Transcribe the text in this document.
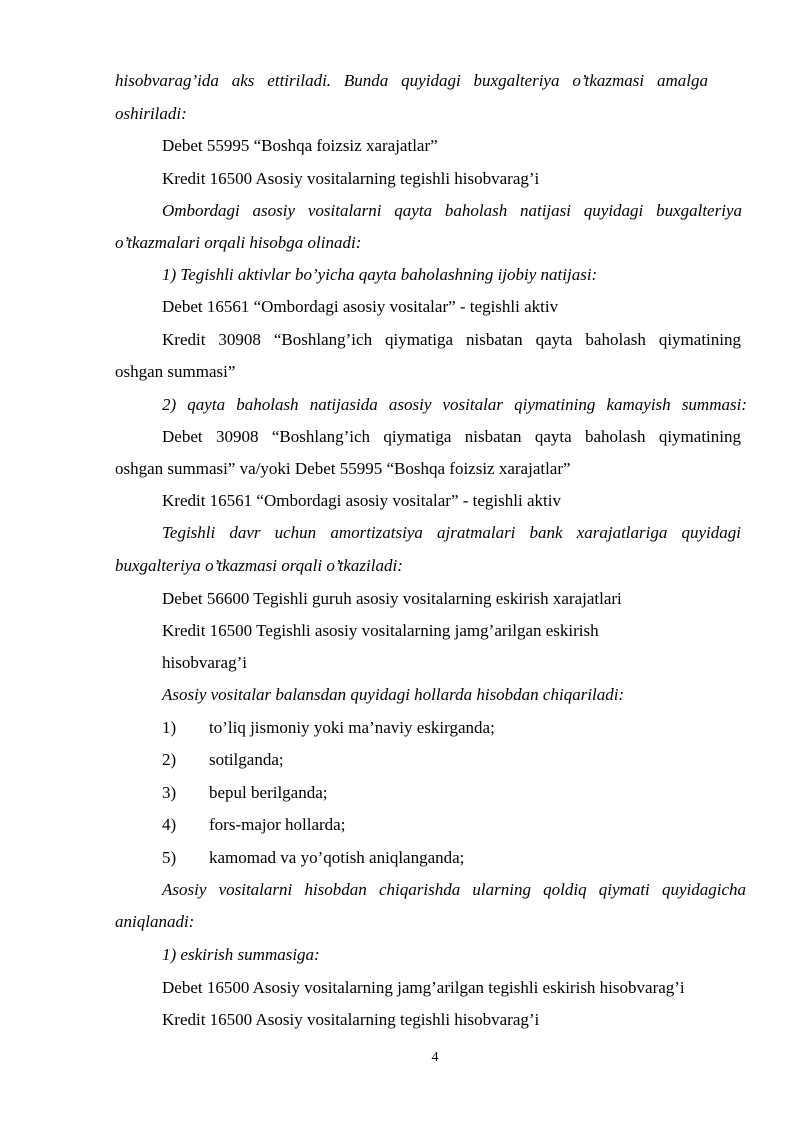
hisobvarag’ida aks ettiriladi. Bunda quyidagi buxgalteriya o’tkazmasi amalga
oshiriladi:
Debet 55995 “Boshqa foizsiz xarajatlar”
Kredit 16500 Asosiy vositalarning tegishli hisobvarag’i
Ombordagi asosiy vositalarni qayta baholash natijasi quyidagi buxgalteriya
o’tkazmalari orqali hisobga olinadi:
1) Tegishli aktivlar bo’yicha qayta baholashning ijobiy natijasi:
Debet 16561 “Ombordagi asosiy vositalar” - tegishli aktiv
Kredit 30908 “Boshlang’ich qiymatiga nisbatan qayta baholash qiymatining
oshgan summasi”
2) qayta baholash natijasida asosiy vositalar qiymatining kamayish summasi:
Debet 30908 “Boshlang’ich qiymatiga nisbatan qayta baholash qiymatining
oshgan summasi” va/yoki Debet 55995 “Boshqa foizsiz xarajatlar”
Kredit 16561 “Ombordagi asosiy vositalar” - tegishli aktiv
Tegishli davr uchun amortizatsiya ajratmalari bank xarajatlariga quyidagi
buxgalteriya o’tkazmasi orqali o’tkaziladi:
Debet 56600 Tegishli guruh asosiy vositalarning eskirish xarajatlari
Kredit 16500 Tegishli asosiy vositalarning jamg’arilgan eskirish
hisobvarag’i
Asosiy vositalar balansdan quyidagi hollarda hisobdan chiqariladi:
1) to’liq jismoniy yoki ma’naviy eskirganda;
2) sotilganda;
3) bepul berilganda;
4) fors-major hollarda;
5) kamomad va yo’qotish aniqlanganda;
Asosiy vositalarni hisobdan chiqarishda ularning qoldiq qiymati quyidagicha
aniqlanadi:
1) eskirish summasiga:
Debet 16500 Asosiy vositalarning jamg’arilgan tegishli eskirish hisobvarag’i
Kredit 16500 Asosiy vositalarning tegishli hisobvarag’i
4
